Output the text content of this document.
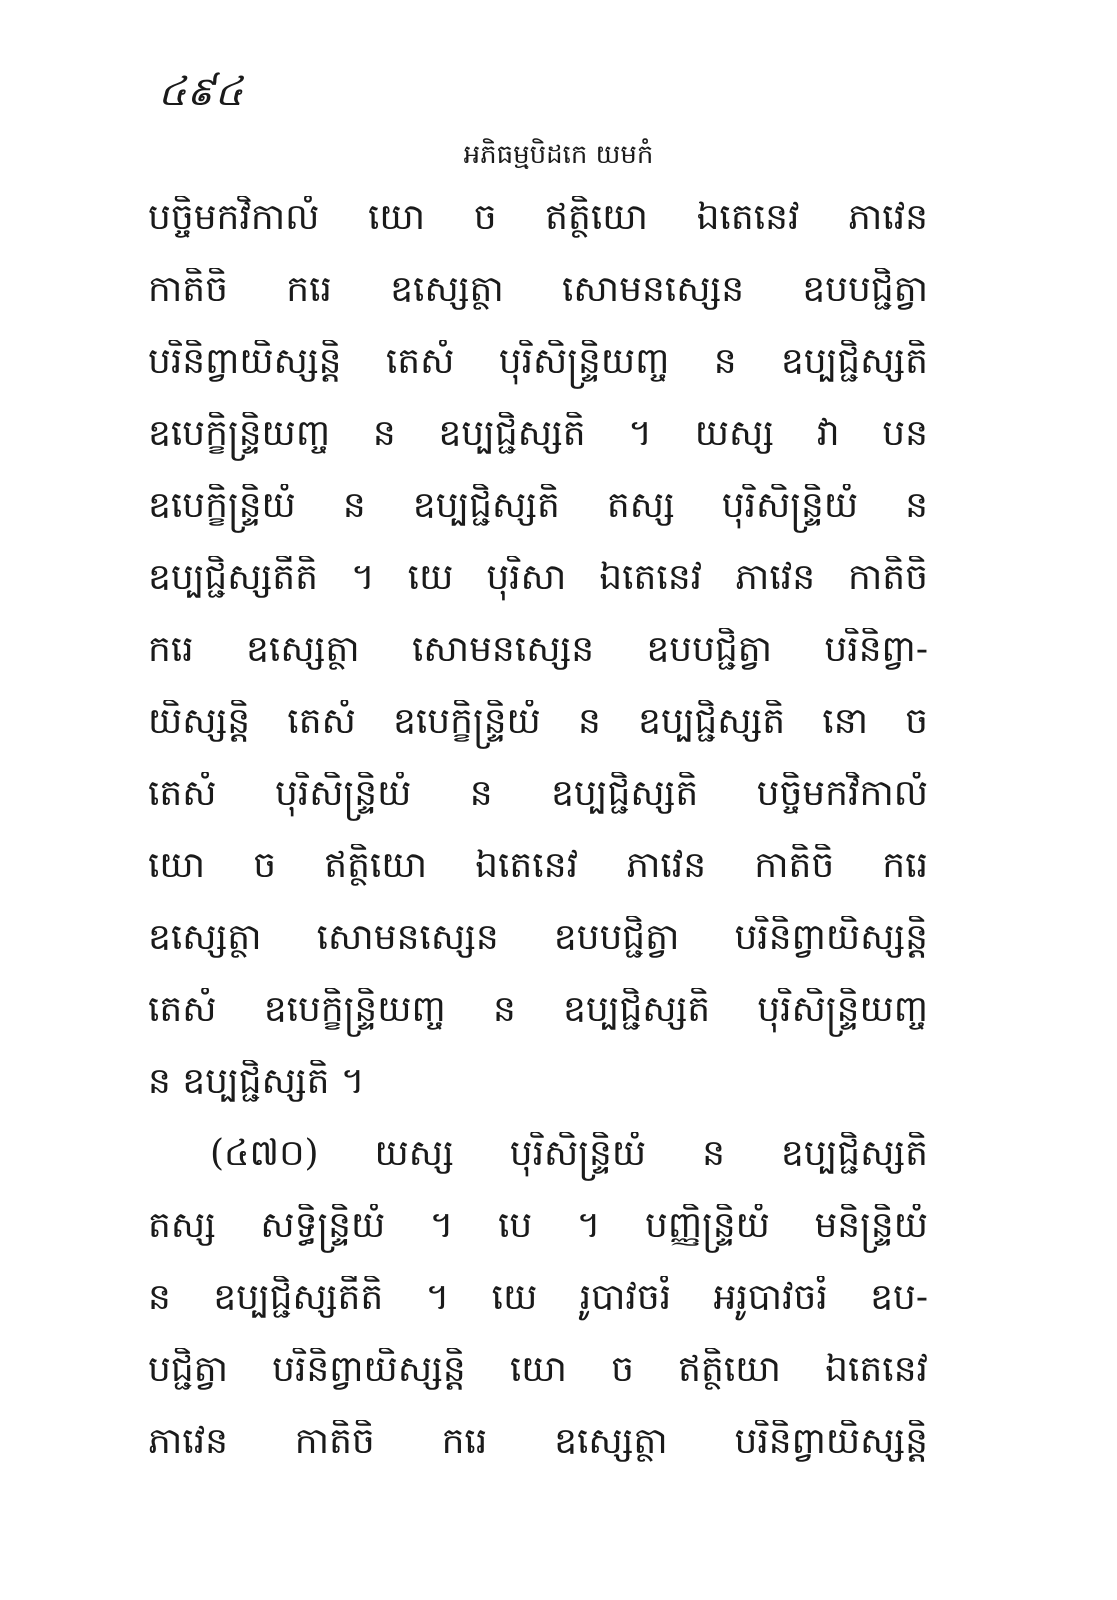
៤៩៤
អភិធម្មបិដកេ យមកំ
បច្ចិមកវិកាលំ យោ ច ឥត្ថិយោ ឯតេនេវ ភាវេន
កាតិចិ ករេ ឧសេ្សត្ថា សោមនសេ្សន ឧបបជ្ជិត្វា
បរិនិព្វាយិស្សន្តិ តេសំ បុរិសិន្ទ្រិយញ្ច ន ឧប្បជ្ជិស្សតិ
ឧបេក្ខិន្ទ្រិយញ្ច ន ឧប្បជ្ជិស្សតិ ។ យស្ស វា បន
ឧបេក្ខិន្ទ្រិយំ ន ឧប្បជ្ជិស្សតិ តស្ស បុរិសិន្ទ្រិយំ ន
ឧប្បជ្ជិស្សតីតិ ។ យេ បុរិសា ឯតេនេវ ភាវេន កាតិចិ
ករេ ឧសេ្សត្ថា សោមនសេ្សន ឧបបជ្ជិត្វា បរិនិព្វា-
យិស្សន្តិ តេសំ ឧបេក្ខិន្ទ្រិយំ ន ឧប្បជ្ជិស្សតិ នោ ច
តេសំ បុរិសិន្ទ្រិយំ ន ឧប្បជ្ជិស្សតិ បច្ចិមកវិកាលំ
យោ ច ឥត្ថិយោ ឯតេនេវ ភាវេន កាតិចិ ករេ
ឧសេ្សត្ថា សោមនសេ្សន ឧបបជ្ជិត្វា បរិនិព្វាយិស្សន្តិ
តេសំ ឧបេក្ខិន្ទ្រិយញ្ច ន ឧប្បជ្ជិស្សតិ បុរិសិន្ទ្រិយញ្ច
ន ឧប្បជ្ជិស្សតិ ។
(៤៧០) យស្ស បុរិសិន្ទ្រិយំ ន ឧប្បជ្ជិស្សតិ
តស្ស សទ្ធិន្ទ្រិយំ ។ បេ ។ បញ្ញិន្ទ្រិយំ មនិន្ទ្រិយំ
ន ឧប្បជ្ជិស្សតីតិ ។ យេ រូបាវចរំ អរូបាវចរំ ឧប-
បជ្ជិត្វា បរិនិព្វាយិស្សន្តិ យោ ច ឥត្ថិយោ ឯតេនេវ
ភាវេន កាតិចិ ករេ ឧសេ្សត្ថា បរិនិព្វាយិស្សន្តិ
